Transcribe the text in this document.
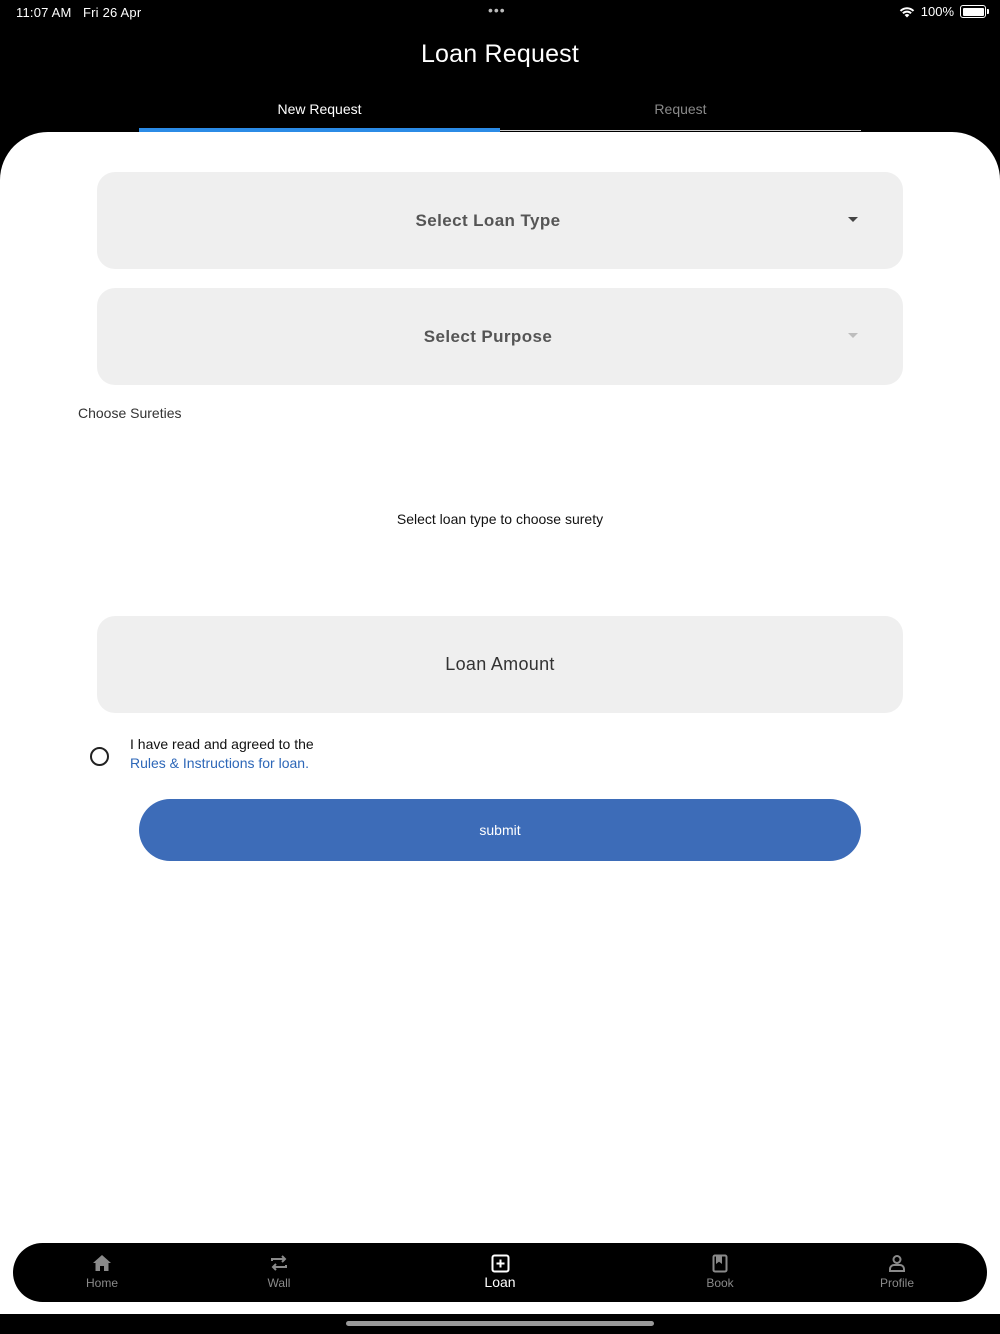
11:07 AM Fri 26 Apr	•••	100%
Loan Request
New Request	Request
Select Loan Type
Select Purpose
Choose Sureties
Select loan type to choose surety
Loan Amount
I have read and agreed to the
Rules & Instructions for loan.
submit
Home	Wall	Loan	Book	Profile
